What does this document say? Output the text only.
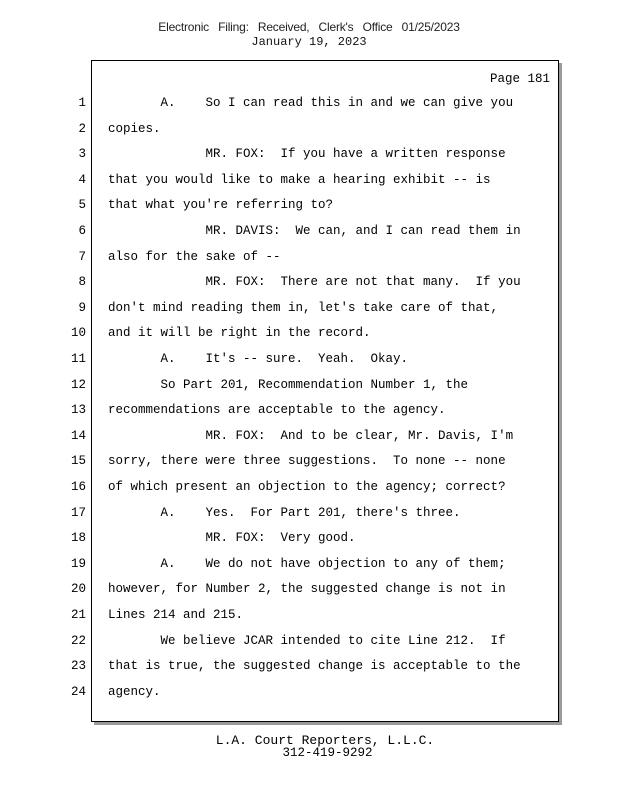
Electronic Filing: Received, Clerk's Office 01/25/2023
January 19, 2023
Page 181
1 A.    So I can read this in and we can give you
2 copies.
3 MR. FOX:  If you have a written response
4 that you would like to make a hearing exhibit -- is
5 that what you're referring to?
6 MR. DAVIS:  We can, and I can read them in
7 also for the sake of --
8 MR. FOX:  There are not that many.  If you
9 don't mind reading them in, let's take care of that,
10 and it will be right in the record.
11 A.    It's -- sure.  Yeah.  Okay.
12 So Part 201, Recommendation Number 1, the
13 recommendations are acceptable to the agency.
14 MR. FOX:  And to be clear, Mr. Davis, I'm
15 sorry, there were three suggestions.  To none -- none
16 of which present an objection to the agency; correct?
17 A.    Yes.  For Part 201, there's three.
18 MR. FOX:  Very good.
19 A.    We do not have objection to any of them;
20 however, for Number 2, the suggested change is not in
21 Lines 214 and 215.
22 We believe JCAR intended to cite Line 212.  If
23 that is true, the suggested change is acceptable to the
24 agency.
L.A. Court Reporters, L.L.C.
312-419-9292
